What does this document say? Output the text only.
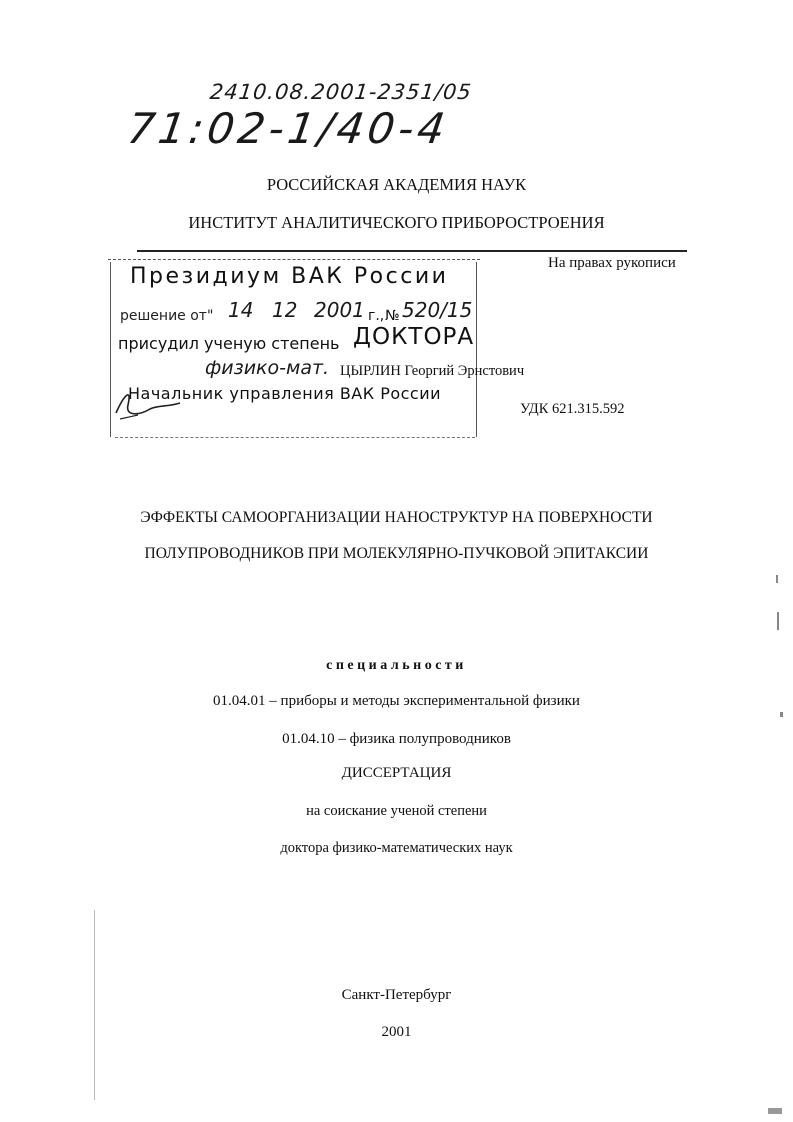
2410.08.2001-2351/05
71:02-1/40-4
РОССИЙСКАЯ АКАДЕМИЯ НАУК
ИНСТИТУТ АНАЛИТИЧЕСКОГО ПРИБОРОСТРОЕНИЯ
На правах рукописи
Президиум ВАК России
решение от" 14 12 2001 г., № 520/15
присудил ученую степень ДОКТОРА
физико-мат.
Начальник управления ВАК России
ЦЫРЛИН Георгий Эрнстович
УДК 621.315.592
ЭФФЕКТЫ САМООРГАНИЗАЦИИ НАНОСТРУКТУР НА ПОВЕРХНОСТИ
ПОЛУПРОВОДНИКОВ ПРИ МОЛЕКУЛЯРНО-ПУЧКОВОЙ ЭПИТАКСИИ
специальности
01.04.01 – приборы и методы экспериментальной физики
01.04.10 – физика полупроводников
ДИССЕРТАЦИЯ
на соискание ученой степени
доктора физико-математических наук
Санкт-Петербург
2001
